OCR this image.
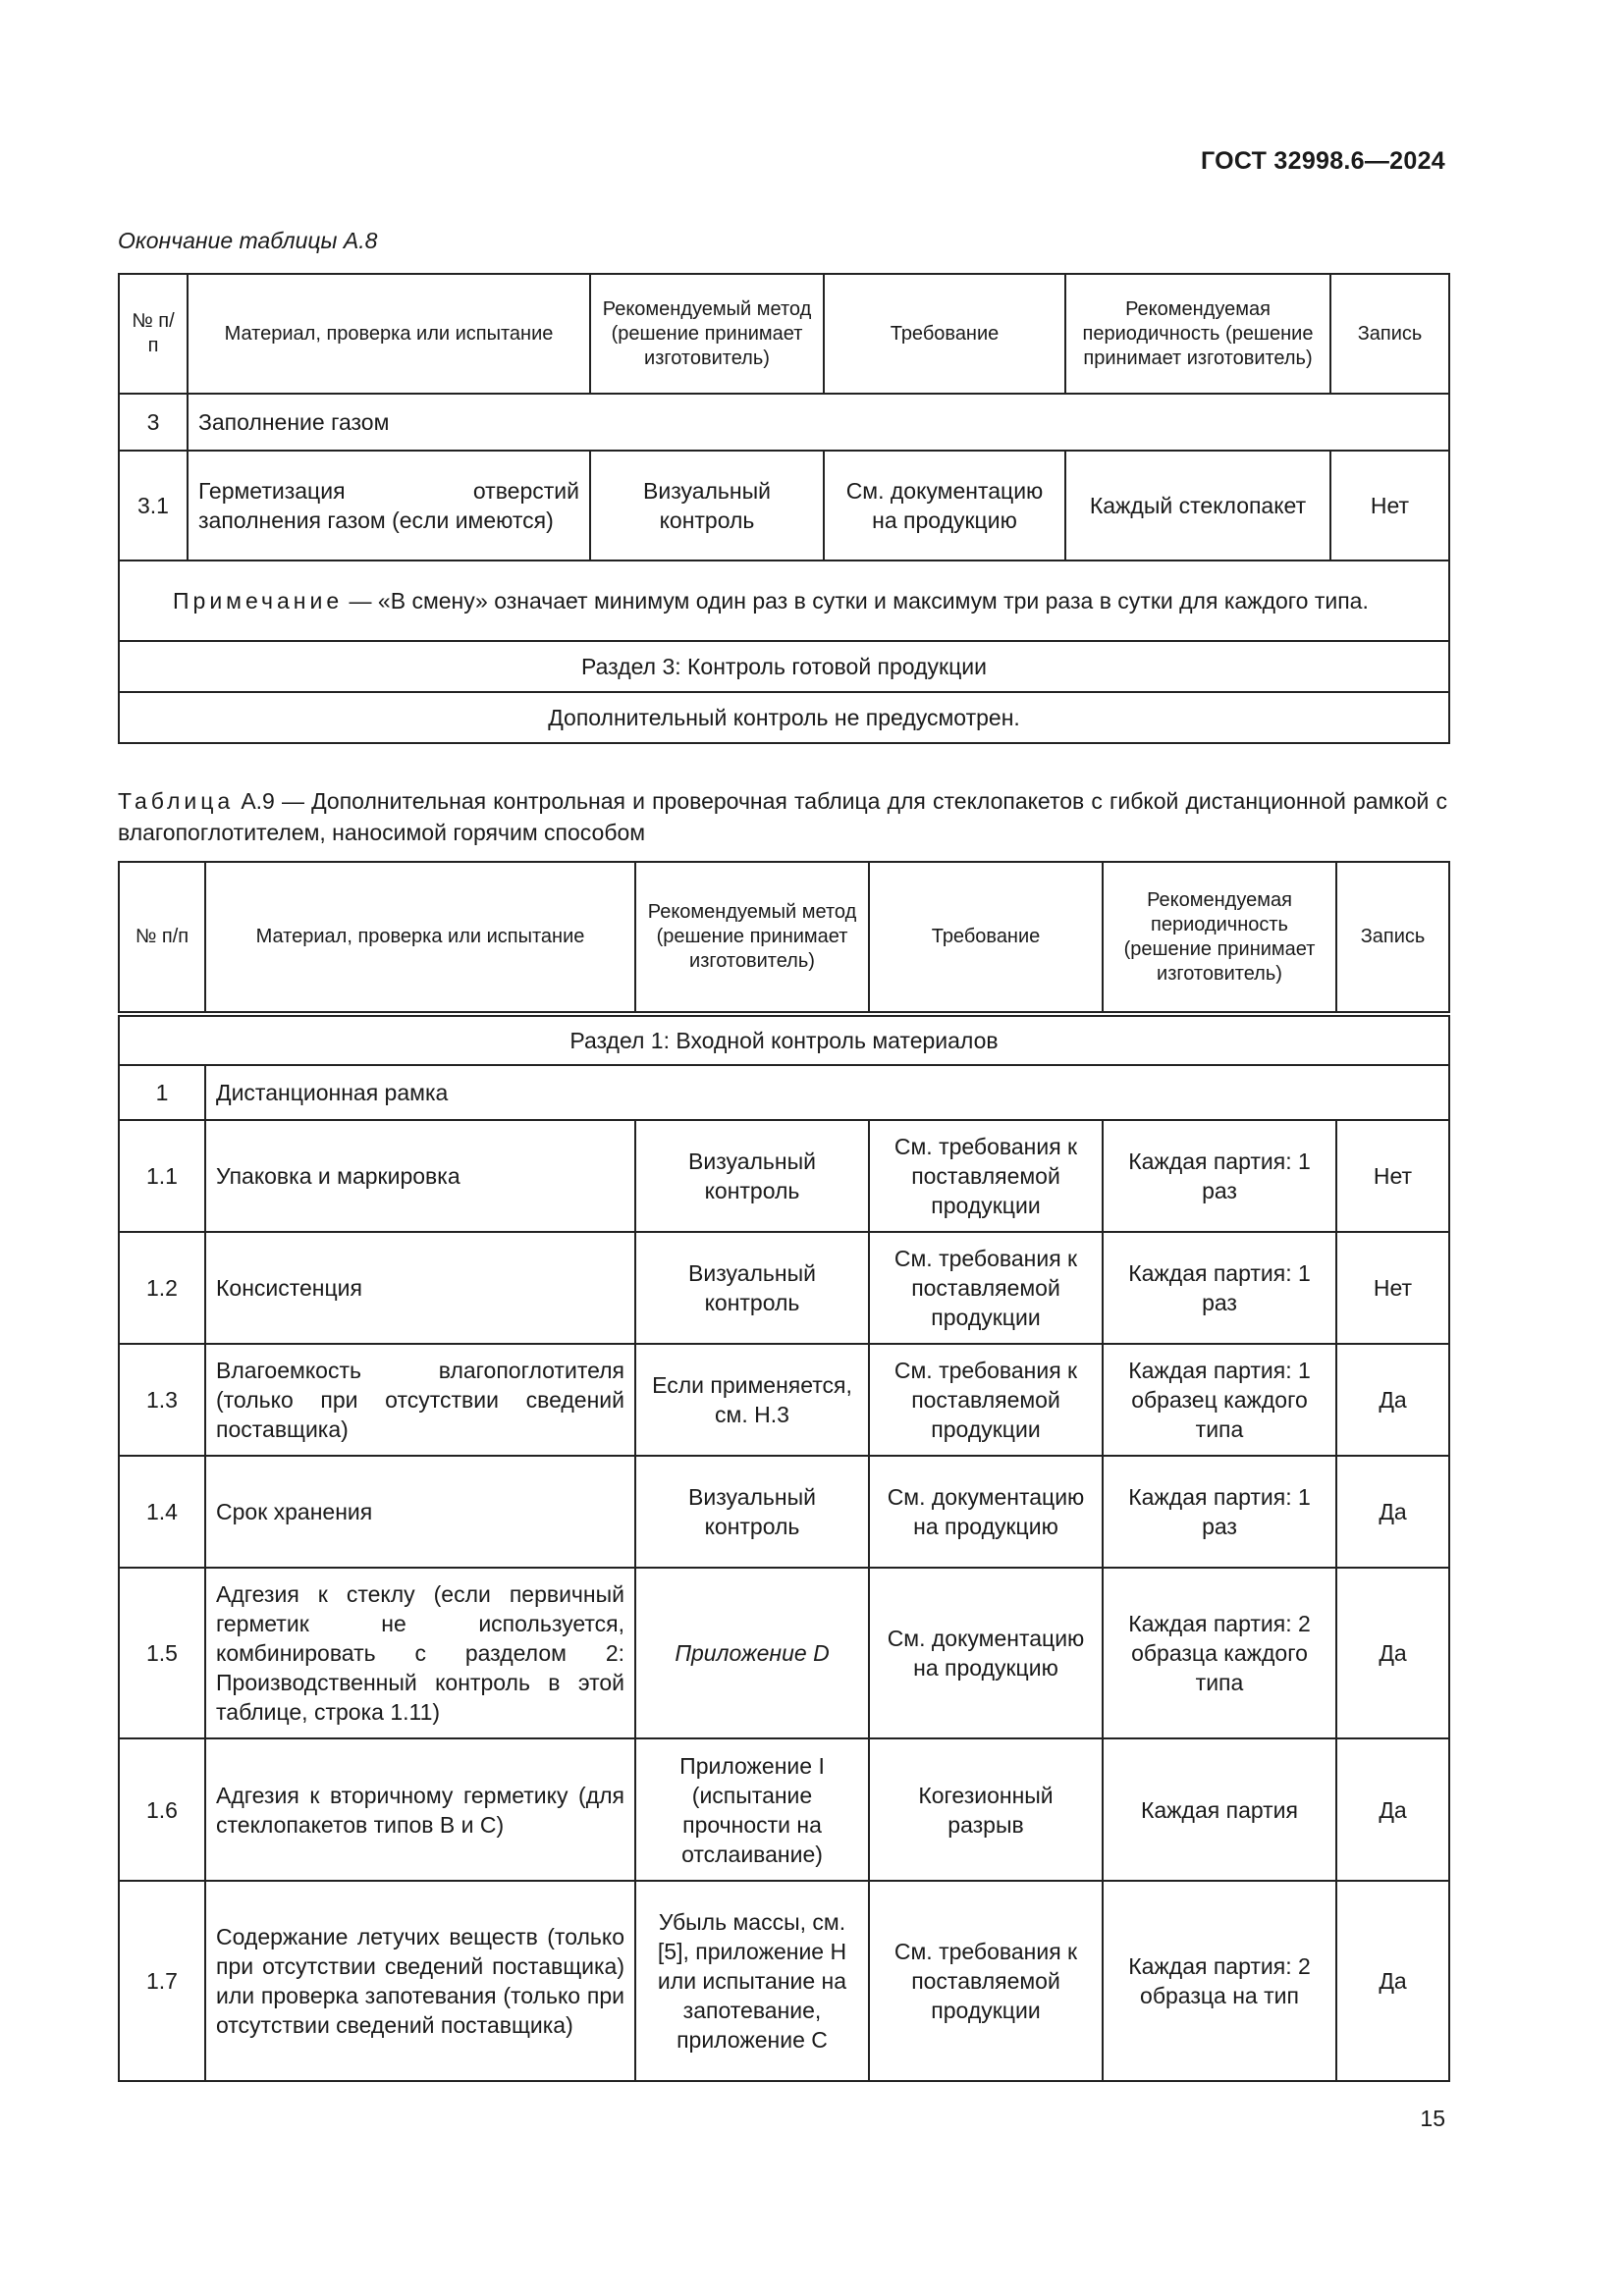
ГОСТ 32998.6—2024
Окончание таблицы А.8
№ п/п	Материал, проверка или испытание	Рекомендуемый метод (решение принимает изготовитель)	Требование	Рекомендуемая периодичность (решение принимает изготовитель)	Запись
3	Заполнение газом				
3.1	Герметизация отверстий заполнения газом (если имеются)	Визуальный контроль	См. документацию на продукцию	Каждый стеклопакет	Нет
Примечание — «В смену» означает минимум один раз в сутки и максимум три раза в сутки для каждого типа.					
Раздел 3: Контроль готовой продукции					
Дополнительный контроль не предусмотрен.					
Таблица А.9 — Дополнительная контрольная и проверочная таблица для стеклопакетов с гибкой дистанционной рамкой с влагопоглотителем, наносимой горячим способом
№ п/п	Материал, проверка или испытание	Рекомендуемый метод (решение принимает изготовитель)	Требование	Рекомендуемая периодичность (решение принимает изготовитель)	Запись
Раздел 1: Входной контроль материалов					
1	Дистанционная рамка				
1.1	Упаковка и маркировка	Визуальный контроль	См. требования к поставляемой продукции	Каждая партия: 1 раз	Нет
1.2	Консистенция	Визуальный контроль	См. требования к поставляемой продукции	Каждая партия: 1 раз	Нет
1.3	Влагоемкость влагопоглотителя (только при отсутствии сведений поставщика)	Если применяется, см. Н.3	См. требования к поставляемой продукции	Каждая партия: 1 образец каждого типа	Да
1.4	Срок хранения	Визуальный контроль	См. документацию на продукцию	Каждая партия: 1 раз	Да
1.5	Адгезия к стеклу (если первичный герметик не используется, комбинировать с разделом 2: Производственный контроль в этой таблице, строка 1.11)	Приложение D	См. документацию на продукцию	Каждая партия: 2 образца каждого типа	Да
1.6	Адгезия к вторичному герметику (для стеклопакетов типов В и С)	Приложение I (испытание прочности на отслаивание)	Когезионный разрыв	Каждая партия	Да
1.7	Содержание летучих веществ (только при отсутствии сведений поставщика) или проверка запотевания (только при отсутствии сведений поставщика)	Убыль массы, см. [5], приложение Н или испытание на запотевание, приложение С	См. требования к поставляемой продукции	Каждая партия: 2 образца на тип	Да
15
